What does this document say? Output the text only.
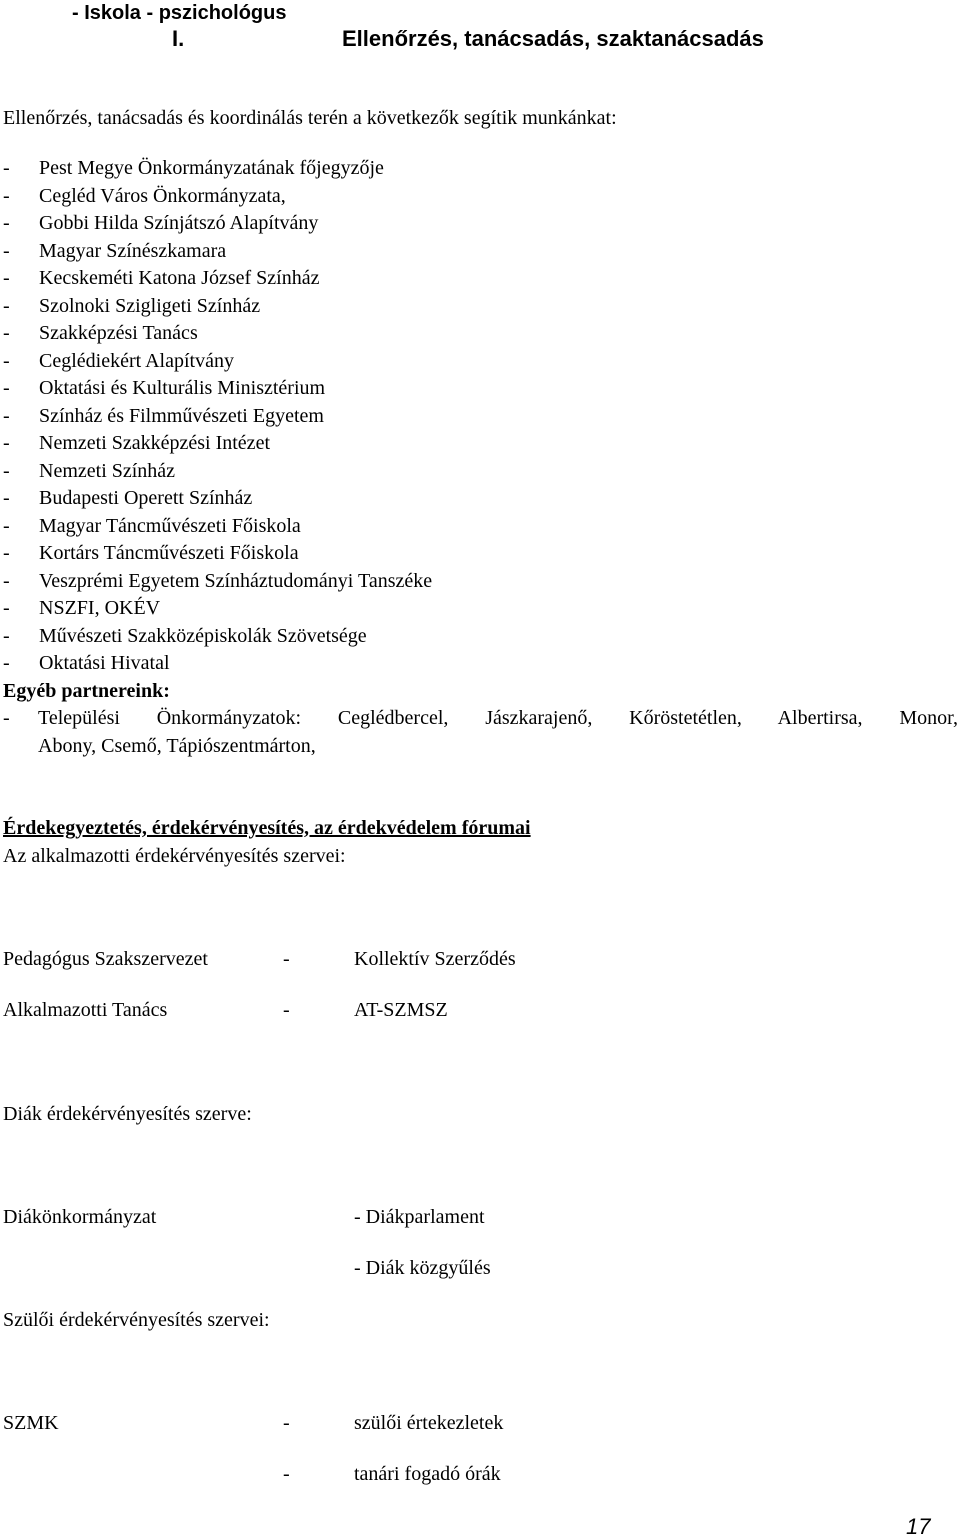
- Iskola - pszichológus
I.	Ellenőrzés, tanácsadás, szaktanácsadás
Ellenőrzés, tanácsadás és koordinálás terén a következők segítik munkánkat:
- Pest Megye Önkormányzatának főjegyzője
- Cegléd Város Önkormányzata,
- Gobbi Hilda Színjátszó Alapítvány
- Magyar Színészkamara
- Kecskeméti Katona József Színház
- Szolnoki Szigligeti Színház
- Szakképzési Tanács
- Ceglédiekért Alapítvány
- Oktatási és Kulturális Minisztérium
- Színház és Filmművészeti Egyetem
- Nemzeti Szakképzési Intézet
- Nemzeti Színház
- Budapesti Operett Színház
- Magyar Táncművészeti Főiskola
- Kortárs Táncművészeti Főiskola
- Veszprémi Egyetem Színháztudományi Tanszéke
- NSZFI, OKÉV
- Művészeti Szakközépiskolák Szövetsége
- Oktatási Hivatal
Egyéb partnereink:
- Települési Önkormányzatok: Ceglédbercel, Jászkarajenő, Kőröstetétlen, Albertirsa, Monor,
Abony, Csemő, Tápiószentmárton,
Érdekegyeztetés, érdekérvényesítés, az érdekvédelem fórumai
Az alkalmazotti érdekérvényesítés szervei:
Pedagógus Szakszervezet	-	Kollektív Szerződés
Alkalmazotti Tanács	-	AT-SZMSZ
Diák érdekérvényesítés szerve:
Diákönkormányzat	- Diákparlament
- Diák közgyűlés
Szülői érdekérvényesítés szervei:
SZMK	-	szülői értekezletek
-	tanári fogadó órák
17
